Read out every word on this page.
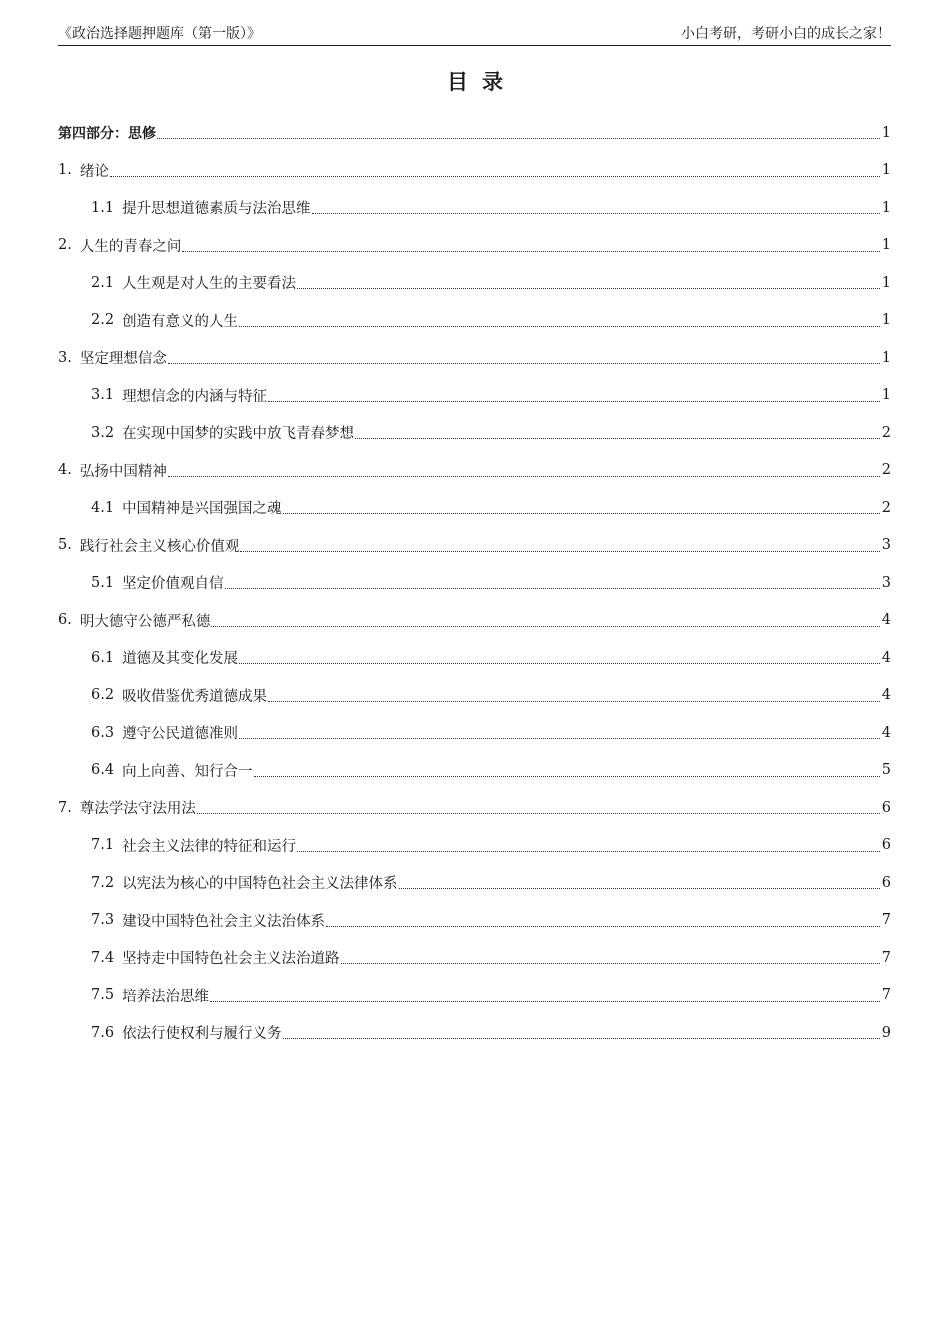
《政治选择题押题库（第一版）》	小白考研，考研小白的成长之家！
目录
第四部分：思修	1
1. 绪论	1
1.1 提升思想道德素质与法治思维	1
2. 人生的青春之问	1
2.1 人生观是对人生的主要看法	1
2.2 创造有意义的人生	1
3. 坚定理想信念	1
3.1 理想信念的内涵与特征	1
3.2 在实现中国梦的实践中放飞青春梦想	2
4. 弘扬中国精神	2
4.1 中国精神是兴国强国之魂	2
5. 践行社会主义核心价值观	3
5.1 坚定价值观自信	3
6. 明大德守公德严私德	4
6.1 道德及其变化发展	4
6.2 吸收借鉴优秀道德成果	4
6.3 遵守公民道德准则	4
6.4 向上向善、知行合一	5
7. 尊法学法守法用法	6
7.1 社会主义法律的特征和运行	6
7.2 以宪法为核心的中国特色社会主义法律体系	6
7.3 建设中国特色社会主义法治体系	7
7.4 坚持走中国特色社会主义法治道路	7
7.5 培养法治思维	7
7.6 依法行使权利与履行义务	9
